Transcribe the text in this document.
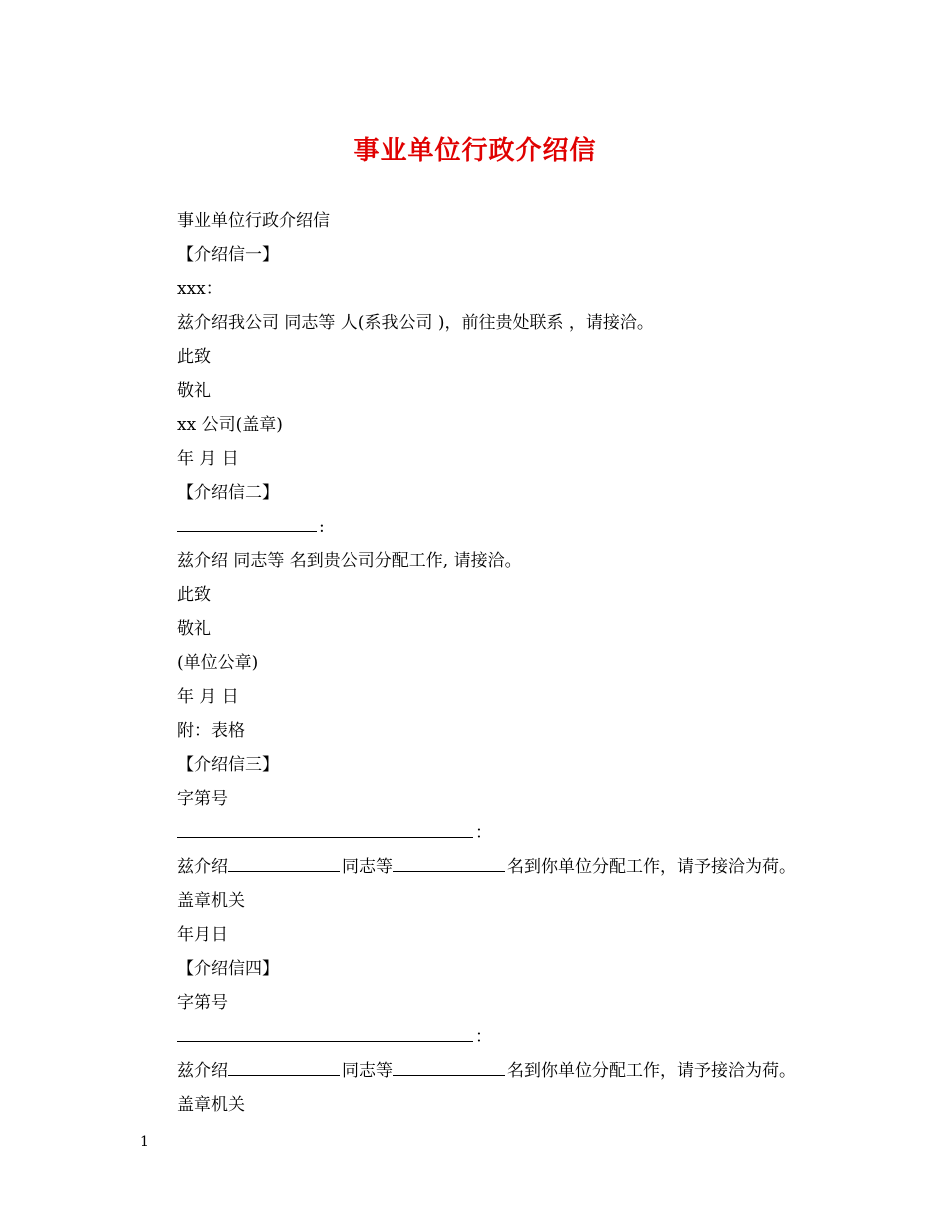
事业单位行政介绍信
事业单位行政介绍信
【介绍信一】
xxx：
兹介绍我公司 同志等 人(系我公司 )，前往贵处联系 ，请接洽。
此致
敬礼
xx 公司(盖章)
年 月 日
【介绍信二】
:
兹介绍 同志等 名到贵公司分配工作, 请接洽。
此致
敬礼
(单位公章)
年 月 日
附：表格
【介绍信三】
字第号
：
兹介绍	同志等	名到你单位分配工作，请予接洽为荷。
盖章机关
年月日
【介绍信四】
字第号
：
兹介绍	同志等	名到你单位分配工作，请予接洽为荷。
盖章机关
1
